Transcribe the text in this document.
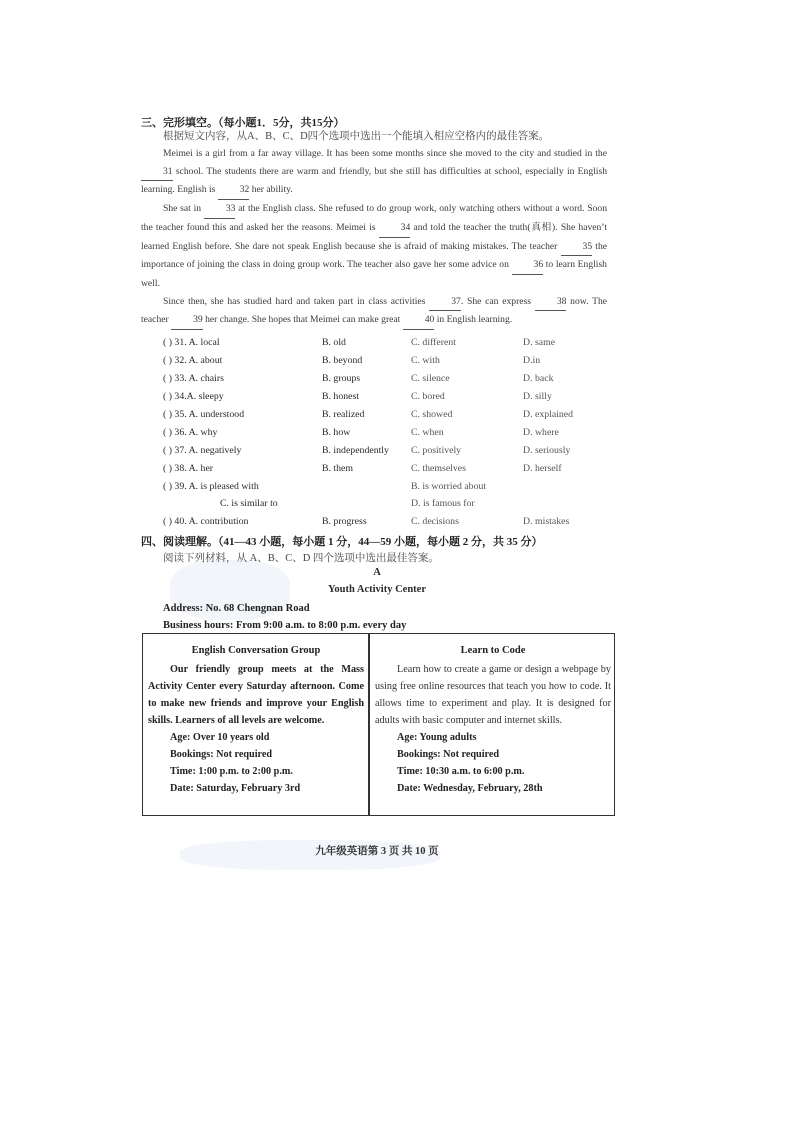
三、完形填空。（每小题1．5分，共15分）
根据短文内容，从A、B、C、D四个选项中选出一个能填入相应空格内的最佳答案。

Meimei is a girl from a far away village. It has been some months since she moved to the city and studied in the 31 school. The students there are warm and friendly, but she still has difficulties at school, especially in English learning. English is 32 her ability.

She sat in 33 at the English class. She refused to do group work, only watching others without a word. Soon the teacher found this and asked her the reasons. Meimei is 34 and told the teacher the truth(真相). She haven’t learned English before. She dare not speak English because she is afraid of making mistakes. The teacher 35 the importance of joining the class in doing group work. The teacher also gave her some advice on 36 to learn English well.

Since then, she has studied hard and taken part in class activities 37. She can express 38 now. The teacher 39 her change. She hopes that Meimei can make great 40 in English learning.

( ) 31. A. local	B. old	C. different	D. same
( ) 32. A. about	B. beyond	C. with	D.in
( ) 33. A. chairs	B. groups	C. silence	D. back
( ) 34.A. sleepy	B. honest	C. bored	D. silly
( ) 35. A. understood	B. realized	C. showed	D. explained
( ) 36. A. why	B. how	C. when	D. where
( ) 37. A. negatively	B. independently C. positively	D. seriously
( ) 38. A. her	B. them	C. themselves	D. herself
( ) 39. A. is pleased with	B. is worried about
C. is similar to	D. is famous for
( ) 40. A. contribution	B. progress	C. decisions	D. mistakes
四、阅读理解。（41—43 小题，每小题 1 分，44—59 小题，每小题 2 分，共 35 分）
阅读下列材料，从 A、B、C、D 四个选项中选出最佳答案。
A
Youth Activity Center
Address: No. 68 Chengnan Road
Business hours: From 9:00 a.m. to 8:00 p.m. every day
English Conversation Group

Our friendly group meets at the Mass Activity Center every Saturday afternoon. Come to make new friends and improve your English skills. Learners of all levels are welcome.

Age: Over 10 years old

Bookings: Not required

Time: 1:00 p.m. to 2:00 p.m.

Date: Saturday, February 3rd

Learn to Code

Learn how to create a game or design a webpage by using free online resources that teach you how to code. It allows time to experiment and play. It is designed for adults with basic computer and internet skills.

Age: Young adults

Bookings: Not required

Time: 10:30 a.m. to 6:00 p.m.

Date: Wednesday, February, 28th

九年级英语第 3 页 共 10 页
